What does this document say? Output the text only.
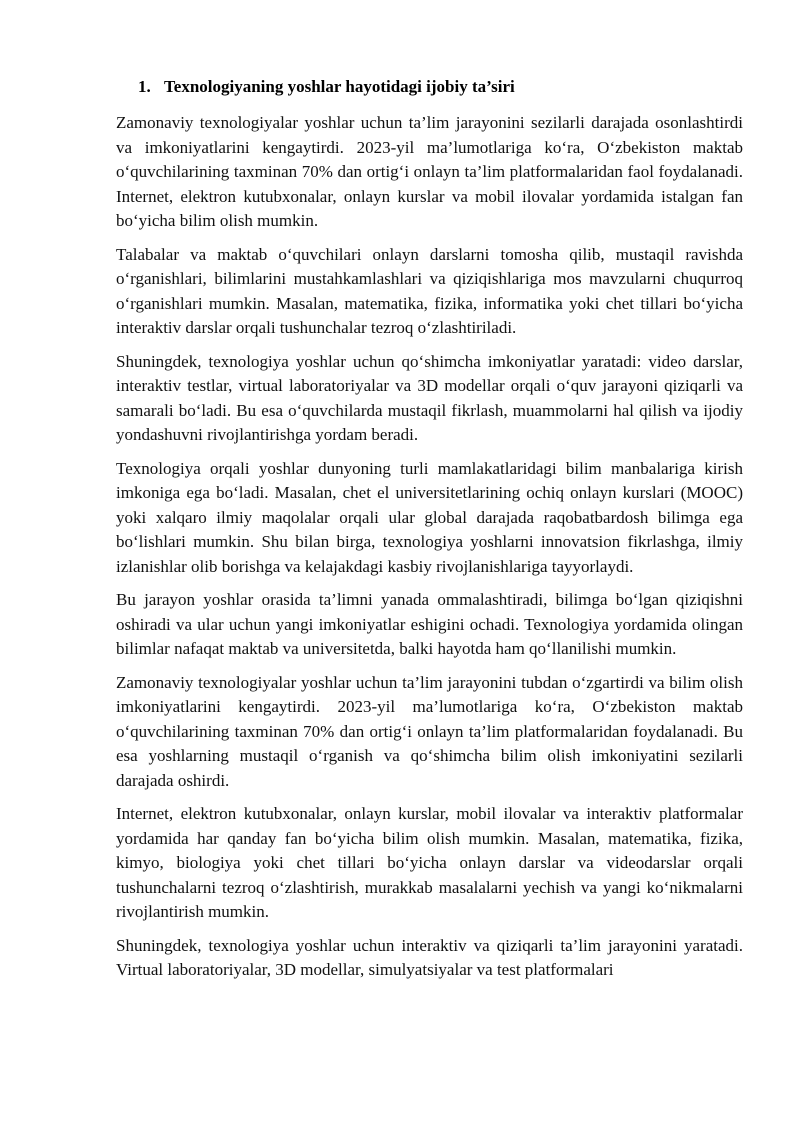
1. Texnologiyaning yoshlar hayotidagi ijobiy ta’siri

Zamonaviy texnologiyalar yoshlar uchun ta’lim jarayonini sezilarli darajada osonlashtirdi va imkoniyatlarini kengaytirdi. 2023-yil ma’lumotlariga ko‘ra, O‘zbekiston maktab o‘quvchilarining taxminan 70% dan ortig‘i onlayn ta’lim platformalaridan faol foydalanadi. Internet, elektron kutubxonalar, onlayn kurslar va mobil ilovalar yordamida istalgan fan bo‘yicha bilim olish mumkin.

Talabalar va maktab o‘quvchilari onlayn darslarni tomosha qilib, mustaqil ravishda o‘rganishlari, bilimlarini mustahkamlashlari va qiziqishlariga mos mavzularni chuqurroq o‘rganishlari mumkin. Masalan, matematika, fizika, informatika yoki chet tillari bo‘yicha interaktiv darslar orqali tushunchalar tezroq o‘zlashtiriladi.

Shuningdek, texnologiya yoshlar uchun qo‘shimcha imkoniyatlar yaratadi: video darslar, interaktiv testlar, virtual laboratoriyalar va 3D modellar orqali o‘quv jarayoni qiziqarli va samarali bo‘ladi. Bu esa o‘quvchilarda mustaqil fikrlash, muammolarni hal qilish va ijodiy yondashuvni rivojlantirishga yordam beradi.

Texnologiya orqali yoshlar dunyoning turli mamlakatlaridagi bilim manbalariga kirish imkoniga ega bo‘ladi. Masalan, chet el universitetlarining ochiq onlayn kurslari (MOOC) yoki xalqaro ilmiy maqolalar orqali ular global darajada raqobatbardosh bilimga ega bo‘lishlari mumkin. Shu bilan birga, texnologiya yoshlarni innovatsion fikrlashga, ilmiy izlanishlar olib borishga va kelajakdagi kasbiy rivojlanishlariga tayyorlaydi.

Bu jarayon yoshlar orasida ta’limni yanada ommalashtiradi, bilimga bo‘lgan qiziqishni oshiradi va ular uchun yangi imkoniyatlar eshigini ochadi. Texnologiya yordamida olingan bilimlar nafaqat maktab va universitetda, balki hayotda ham qo‘llanilishi mumkin.

Zamonaviy texnologiyalar yoshlar uchun ta’lim jarayonini tubdan o‘zgartirdi va bilim olish imkoniyatlarini kengaytirdi. 2023-yil ma’lumotlariga ko‘ra, O‘zbekiston maktab o‘quvchilarining taxminan 70% dan ortig‘i onlayn ta’lim platformalaridan foydalanadi. Bu esa yoshlarning mustaqil o‘rganish va qo‘shimcha bilim olish imkoniyatini sezilarli darajada oshirdi.

Internet, elektron kutubxonalar, onlayn kurslar, mobil ilovalar va interaktiv platformalar yordamida har qanday fan bo‘yicha bilim olish mumkin. Masalan, matematika, fizika, kimyo, biologiya yoki chet tillari bo‘yicha onlayn darslar va videodarslar orqali tushunchalarni tezroq o‘zlashtirish, murakkab masalalarni yechish va yangi ko‘nikmalarni rivojlantirish mumkin.

Shuningdek, texnologiya yoshlar uchun interaktiv va qiziqarli ta’lim jarayonini yaratadi. Virtual laboratoriyalar, 3D modellar, simulyatsiyalar va test platformalari
